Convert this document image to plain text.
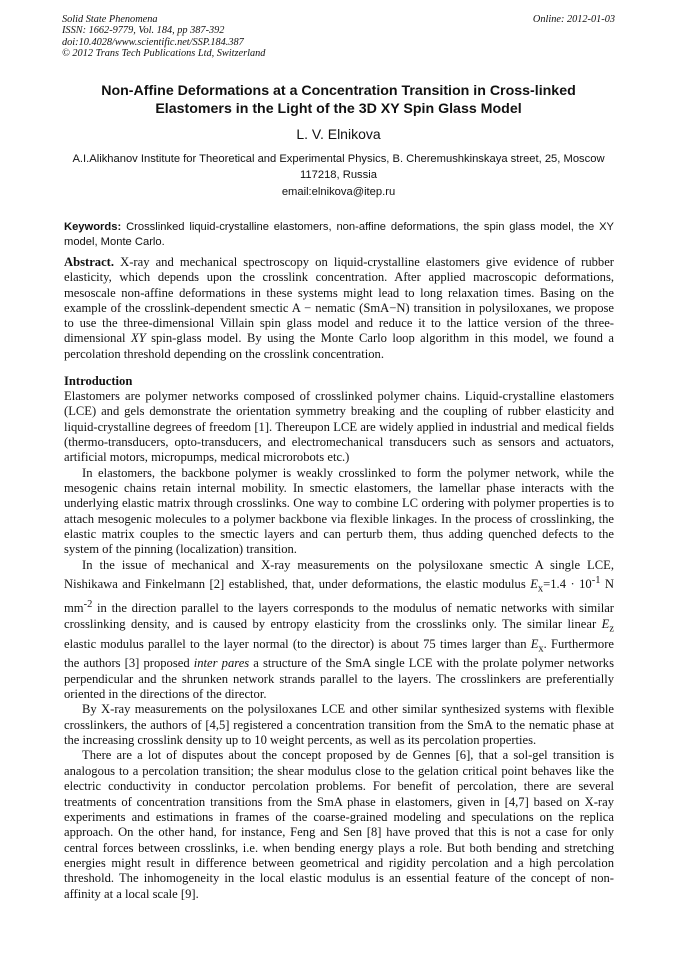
Solid State Phenomena
ISSN: 1662-9779, Vol. 184, pp 387-392
doi:10.4028/www.scientific.net/SSP.184.387
© 2012 Trans Tech Publications Ltd, Switzerland
Online: 2012-01-03
Non-Affine Deformations at a Concentration Transition in Cross-linked Elastomers in the Light of the 3D XY Spin Glass Model
L. V. Elnikova
A.I.Alikhanov Institute for Theoretical and Experimental Physics, B. Cheremushkinskaya street, 25, Moscow 117218, Russia
email:elnikova@itep.ru
Keywords: Crosslinked liquid-crystalline elastomers, non-affine deformations, the spin glass model, the XY model, Monte Carlo.
Abstract. X-ray and mechanical spectroscopy on liquid-crystalline elastomers give evidence of rubber elasticity, which depends upon the crosslink concentration. After applied macroscopic deformations, mesoscale non-affine deformations in these systems might lead to long relaxation times. Basing on the example of the crosslink-dependent smectic A − nematic (SmA−N) transition in polysiloxanes, we propose to use the three-dimensional Villain spin glass model and reduce it to the lattice version of the three-dimensional XY spin-glass model. By using the Monte Carlo loop algorithm in this model, we found a percolation threshold depending on the crosslink concentration.
Introduction

Elastomers are polymer networks composed of crosslinked polymer chains. Liquid-crystalline elastomers (LCE) and gels demonstrate the orientation symmetry breaking and the coupling of rubber elasticity and liquid-crystalline degrees of freedom [1]. Thereupon LCE are widely applied in industrial and medical fields (thermo-transducers, opto-transducers, and electromechanical transducers such as sensors and actuators, artificial motors, micropumps, medical microrobots etc.)

In elastomers, the backbone polymer is weakly crosslinked to form the polymer network, while the mesogenic chains retain internal mobility. In smectic elastomers, the lamellar phase interacts with the underlying elastic matrix through crosslinks. One way to combine LC ordering with polymer properties is to attach mesogenic molecules to a polymer backbone via flexible linkages. In the process of crosslinking, the elastic matrix couples to the smectic layers and can perturb them, thus adding quenched defects to the system of the pinning (localization) transition.

In the issue of mechanical and X-ray measurements on the polysiloxane smectic A single LCE, Nishikawa and Finkelmann [2] established, that, under deformations, the elastic modulus $E_x=1.4 \cdot 10^{-1}$ N $mm^{-2}$ in the direction parallel to the layers corresponds to the modulus of nematic networks with similar crosslinking density, and is caused by entropy elasticity from the crosslinks only. The similar linear $E_z$ elastic modulus parallel to the layer normal (to the director) is about 75 times larger than $E_x$. Furthermore the authors [3] proposed inter pares a structure of the SmA single LCE with the prolate polymer networks perpendicular and the shrunken network strands parallel to the layers. The crosslinkers are preferentially oriented in the directions of the director.

By X-ray measurements on the polysiloxanes LCE and other similar synthesized systems with flexible crosslinkers, the authors of [4,5] registered a concentration transition from the SmA to the nematic phase at the increasing crosslink density up to 10 weight percents, as well as its percolation properties.

There are a lot of disputes about the concept proposed by de Gennes [6], that a sol-gel transition is analogous to a percolation transition; the shear modulus close to the gelation critical point behaves like the electric conductivity in conductor percolation problems. For benefit of percolation, there are several treatments of concentration transitions from the SmA phase in elastomers, given in [4,7] based on X-ray experiments and estimations in frames of the coarse-grained modeling and speculations on the replica approach. On the other hand, for instance, Feng and Sen [8] have proved that this is not a case for only central forces between crosslinks, i.e. when bending energy plays a role. But both bending and stretching energies might result in difference between geometrical and rigidity percolation and a high percolation threshold. The inhomogeneity in the local elastic modulus is an essential feature of the concept of non-affinity at a local scale [9].
